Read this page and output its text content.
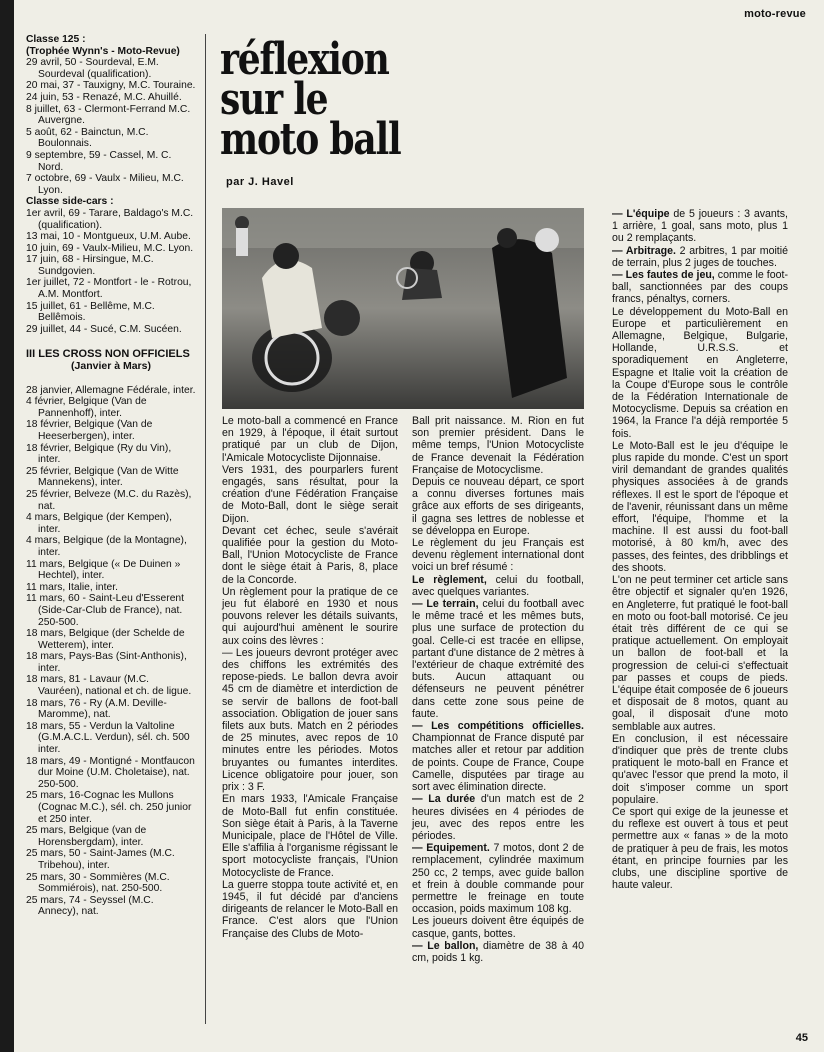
moto-revue
Classe 125 :
(Trophée Wynn's - Moto-Revue)
29 avril, 50 - Sourdeval, E.M. Sourdeval (qualification).
20 mai, 37 - Tauxigny, M.C. Touraine.
24 juin, 53 - Renazé, M.C. Ahuillé.
8 juillet, 63 - Clermont-Ferrand M.C. Auvergne.
5 août, 62 - Bainctun, M.C. Boulonnais.
9 septembre, 59 - Cassel, M. C. Nord.
7 octobre, 69 - Vaulx - Milieu, M.C. Lyon.
Classe side-cars :
1er avril, 69 - Tarare, Baldago's M.C. (qualification).
13 mai, 10 - Montgueux, U.M. Aube.
10 juin, 69 - Vaulx-Milieu, M.C. Lyon.
17 juin, 68 - Hirsingue, M.C. Sundgovien.
1er juillet, 72 - Montfort - le - Rotrou, A.M. Montfort.
15 juillet, 61 - Bellême, M.C. Bellêmois.
29 juillet, 44 - Sucé, C.M. Sucéen.
III LES CROSS NON OFFICIELS
(Janvier à Mars)
28 janvier, Allemagne Fédérale, inter.
4 février, Belgique (Van de Pannenhoff), inter.
18 février, Belgique (Van de Heeserbergen), inter.
18 février, Belgique (Ry du Vin), inter.
25 février, Belgique (Van de Witte Mannekens), inter.
25 février, Belveze (M.C. du Razès), nat.
4 mars, Belgique (der Kempen), inter.
4 mars, Belgique (de la Montagne), inter.
11 mars, Belgique (« De Duinen » Hechtel), inter.
11 mars, Italie, inter.
11 mars, 60 - Saint-Leu d'Esserent (Side-Car-Club de France), nat. 250-500.
18 mars, Belgique (der Schelde de Wetterem), inter.
18 mars, Pays-Bas (Sint-Anthonis), inter.
18 mars, 81 - Lavaur (M.C. Vauréen), national et ch. de ligue.
18 mars, 76 - Ry (A.M. Deville-Maromme), nat.
18 mars, 55 - Verdun la Valtoline (G.M.A.C.L. Verdun), sél. ch. 500 inter.
18 mars, 49 - Montigné - Montfaucon dur Moine (U.M. Choletaise), nat. 250-500.
25 mars, 16-Cognac les Mullons (Cognac M.C.), sél. ch. 250 junior et 250 inter.
25 mars, Belgique (van de Horensbergdam), inter.
25 mars, 50 - Saint-James (M.C. Tribehou), inter.
25 mars, 30 - Sommières (M.C. Sommiérois), nat. 250-500.
25 mars, 74 - Seyssel (M.C. Annecy), nat.
réflexion
sur le
moto ball
par J. Havel

Le moto-ball a commencé en France en 1929, à l'époque, il était surtout pratiqué par un club de Dijon, l'Amicale Motocycliste Dijonnaise.

Vers 1931, des pourparlers furent engagés, sans résultat, pour la création d'une Fédération Française de Moto-Ball, dont le siège serait Dijon.

Devant cet échec, seule s'avérait qualifiée pour la gestion du Moto-Ball, l'Union Motocycliste de France dont le siège était à Paris, 8, place de la Concorde.

Un règlement pour la pratique de ce jeu fut élaboré en 1930 et nous pouvons relever les détails suivants, qui aujourd'hui amènent le sourire aux coins des lèvres :

— Les joueurs devront protéger avec des chiffons les extrémités des repose-pieds. Le ballon devra avoir 45 cm de diamètre et interdiction de se servir de ballons de foot-ball association. Obligation de jouer sans filets aux buts. Match en 2 périodes de 25 minutes, avec repos de 10 minutes entre les périodes. Motos bruyantes ou fumantes interdites. Licence obligatoire pour jouer, son prix : 3 F.

En mars 1933, l'Amicale Française de Moto-Ball fut enfin constituée. Son siège était à Paris, à la Taverne Municipale, place de l'Hôtel de Ville. Elle s'affilia à l'organisme régissant le sport motocycliste français, l'Union Motocycliste de France.

La guerre stoppa toute activité et, en 1945, il fut décidé par d'anciens dirigeants de relancer le Moto-Ball en France. C'est alors que l'Union Française des Clubs de Moto-

Ball prit naissance. M. Rion en fut son premier président. Dans le même temps, l'Union Motocycliste de France devenait la Fédération Française de Motocyclisme.

Depuis ce nouveau départ, ce sport a connu diverses fortunes mais grâce aux efforts de ses dirigeants, il gagna ses lettres de noblesse et se développa en Europe.

Le règlement du jeu Français est devenu règlement international dont voici un bref résumé :

Le règlement, celui du football, avec quelques variantes.

— Le terrain, celui du football avec le même tracé et les mêmes buts, plus une surface de protection du goal. Celle-ci est tracée en ellipse, partant d'une distance de 2 mètres à l'extérieur de chaque extrémité des buts. Aucun attaquant ou défenseurs ne peuvent pénétrer dans cette zone sous peine de faute.

— Les compétitions officielles. Championnat de France disputé par matches aller et retour par addition de points. Coupe de France, Coupe Camelle, disputées par tirage au sort avec élimination directe.

— La durée d'un match est de 2 heures divisées en 4 périodes de jeu, avec des repos entre les périodes.

— Equipement. 7 motos, dont 2 de remplacement, cylindrée maximum 250 cc, 2 temps, avec guide ballon et frein à double commande pour permettre le freinage en toute occasion, poids maximum 108 kg.

Les joueurs doivent être équipés de casque, gants, bottes.

— Le ballon, diamètre de 38 à 40 cm, poids 1 kg.

— L'équipe de 5 joueurs : 3 avants, 1 arrière, 1 goal, sans moto, plus 1 ou 2 remplaçants.

— Arbitrage. 2 arbitres, 1 par moitié de terrain, plus 2 juges de touches.

— Les fautes de jeu, comme le foot-ball, sanctionnées par des coups francs, pénaltys, corners.

Le développement du Moto-Ball en Europe et particulièrement en Allemagne, Belgique, Bulgarie, Hollande, U.R.S.S. et sporadiquement en Angleterre, Espagne et Italie voit la création de la Coupe d'Europe sous le contrôle de la Fédération Internationale de Motocyclisme. Depuis sa création en 1964, la France l'a déjà remportée 5 fois.

Le Moto-Ball est le jeu d'équipe le plus rapide du monde. C'est un sport viril demandant de grandes qualités physiques associées à de grands réflexes. Il est le sport de l'époque et de l'avenir, réunissant dans un même effort, l'équipe, l'homme et la machine. Il est aussi du foot-ball motorisé, à 80 km/h, avec des passes, des feintes, des dribblings et des shoots.

L'on ne peut terminer cet article sans être objectif et signaler qu'en 1926, en Angleterre, fut pratiqué le foot-ball en moto ou foot-ball motorisé. Ce jeu était très différent de ce qui se pratique actuellement. On employait un ballon de foot-ball et la progression de celui-ci s'effectuait par passes et coups de pieds. L'équipe était composée de 6 joueurs et disposait de 8 motos, quant au goal, il disposait d'une moto semblable aux autres.

En conclusion, il est nécessaire d'indiquer que près de trente clubs pratiquent le moto-ball en France et qu'avec l'essor que prend la moto, il doit s'imposer comme un sport populaire.

Ce sport qui exige de la jeunesse et du reflexe est ouvert à tous et peut permettre aux « fanas » de la moto de pratiquer à peu de frais, les motos étant, en principe fournies par les clubs, une discipline sportive de haute valeur.

45
